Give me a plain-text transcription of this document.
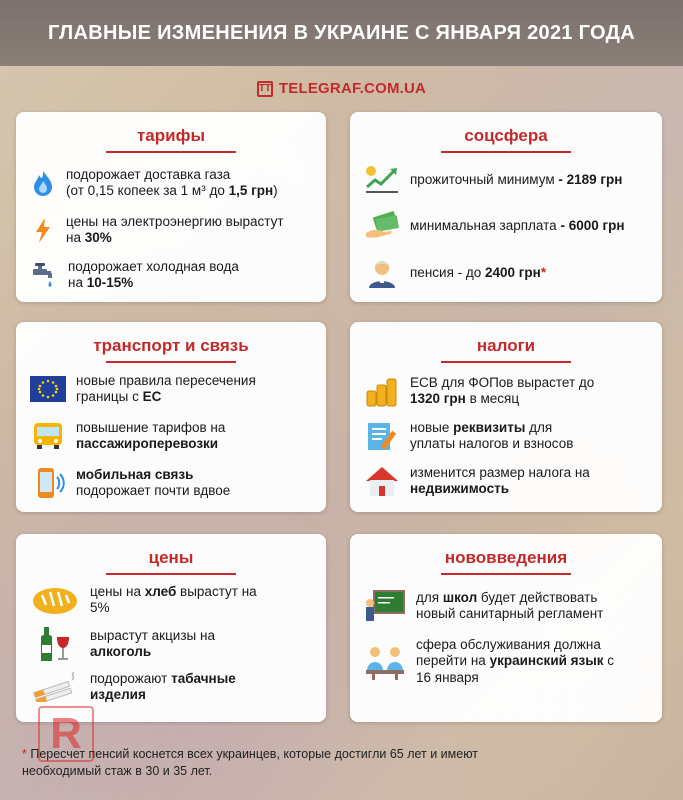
ГЛАВНЫЕ ИЗМЕНЕНИЯ В УКРАИНЕ С ЯНВАРЯ 2021 ГОДА
TT TELEGRAF.COM.UA
тарифы
подорожает доставка газа
(от 0,15 копеек за 1 м³ до 1,5 грн)
цены на электроэнергию вырастут
на 30%
подорожает холодная вода
на 10-15%
соцсфера
прожиточный минимум - 2189 грн
минимальная зарплата - 6000 грн
пенсия - до 2400 грн*
транспорт и связь
новые правила пересечения
границы с ЕС
повышение тарифов на
пассажироперевозки
мобильная связь
подорожает почти вдвое
налоги
ЕСВ для ФОПов вырастет до
1320 грн в месяц
новые реквизиты для
уплаты налогов и взносов
изменится размер налога на
недвижимость
цены
цены на хлеб вырастут на
5%
вырастут акцизы на
алкоголь
подорожают табачные
изделия
нововведения
для школ будет действовать
новый санитарный регламент
сфера обслуживания должна
перейти на украинский язык с
16 января
R
* Пересчет пенсий коснется всех украинцев, которые достигли 65 лет и имеют
необходимый стаж в 30 и 35 лет.
